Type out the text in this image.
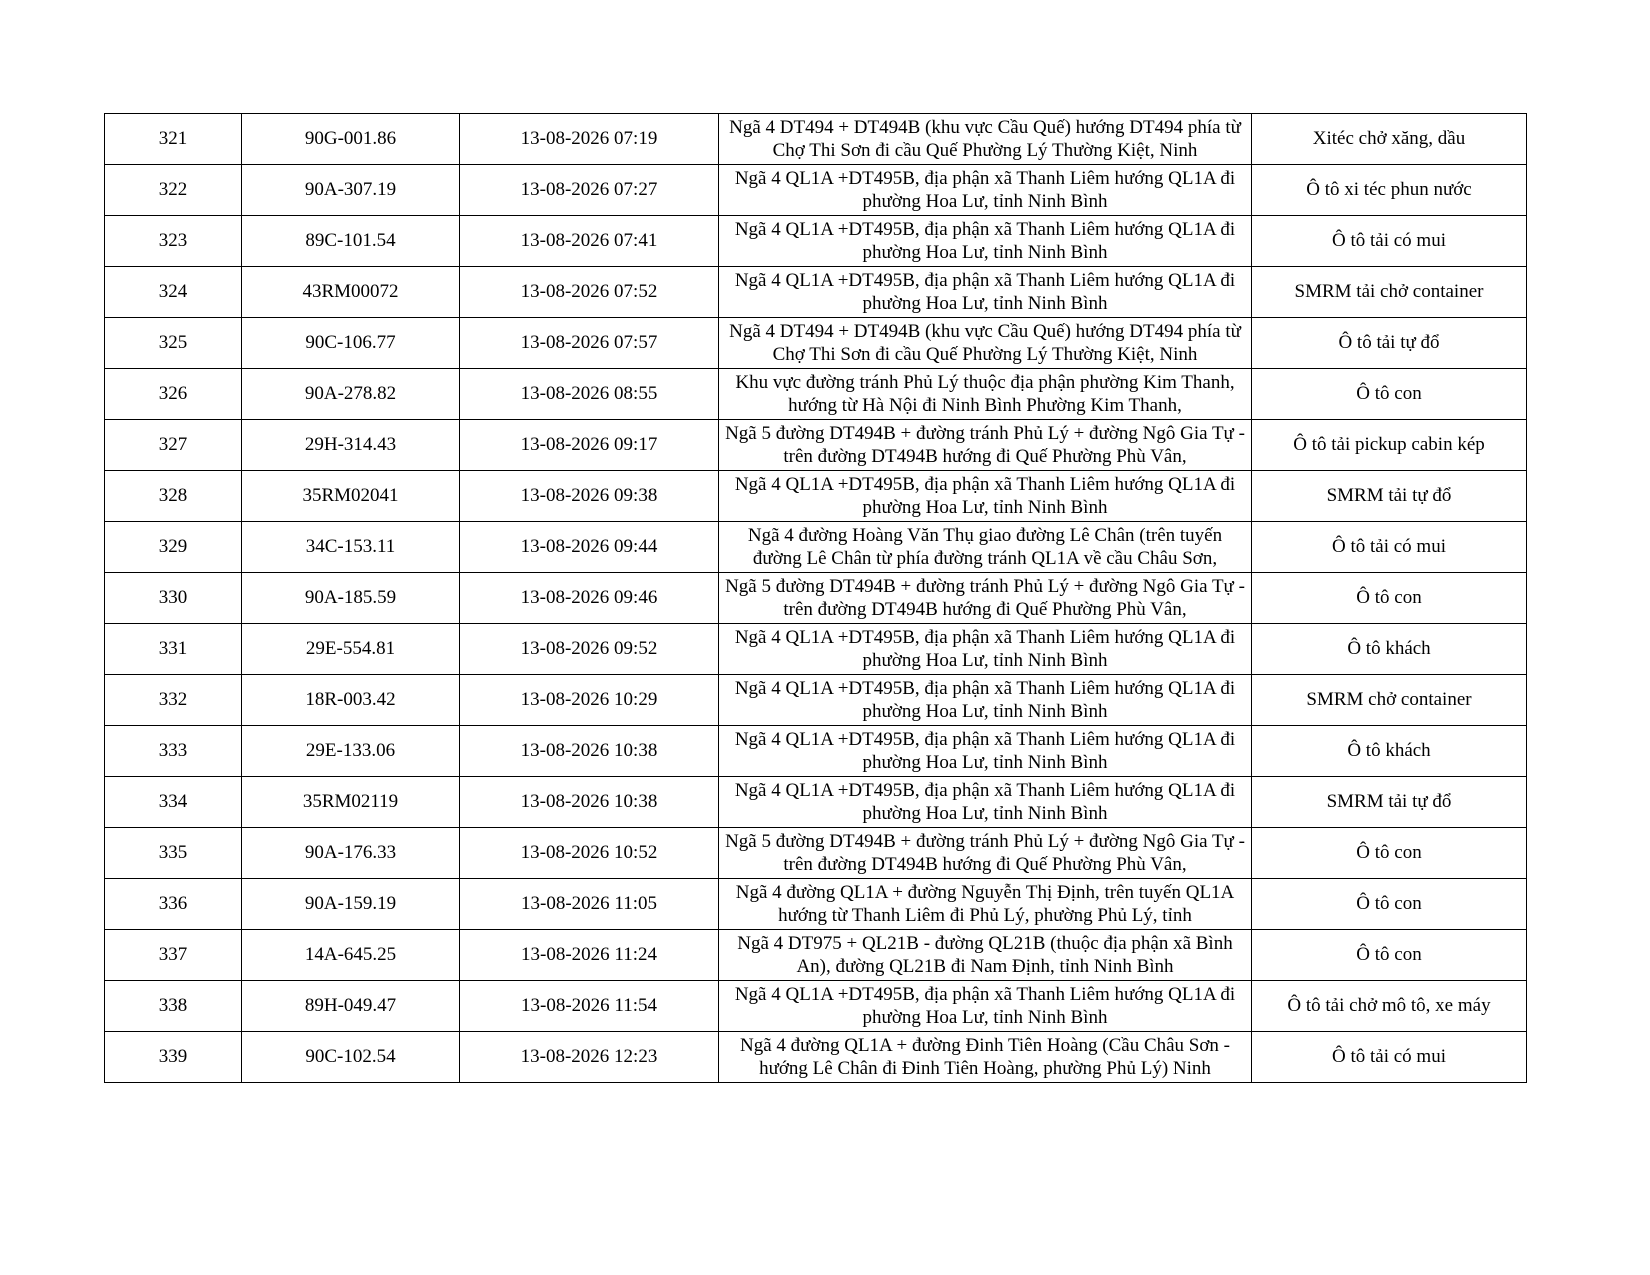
321	90G-001.86	13-08-2026 07:19	Ngã 4 DT494 + DT494B (khu vực Cầu Quế) hướng DT494 phía từ Chợ Thi Sơn đi cầu Quế Phường Lý Thường Kiệt, Ninh	Xitéc chở xăng, dầu
322	90A-307.19	13-08-2026 07:27	Ngã 4 QL1A +DT495B, địa phận xã Thanh Liêm hướng QL1A đi phường Hoa Lư, tỉnh Ninh Bình	Ô tô xi téc phun nước
323	89C-101.54	13-08-2026 07:41	Ngã 4 QL1A +DT495B, địa phận xã Thanh Liêm hướng QL1A đi phường Hoa Lư, tỉnh Ninh Bình	Ô tô tải có mui
324	43RM00072	13-08-2026 07:52	Ngã 4 QL1A +DT495B, địa phận xã Thanh Liêm hướng QL1A đi phường Hoa Lư, tỉnh Ninh Bình	SMRM tải chở container
325	90C-106.77	13-08-2026 07:57	Ngã 4 DT494 + DT494B (khu vực Cầu Quế) hướng DT494 phía từ Chợ Thi Sơn đi cầu Quế Phường Lý Thường Kiệt, Ninh	Ô tô tải tự đổ
326	90A-278.82	13-08-2026 08:55	Khu vực đường tránh Phủ Lý thuộc địa phận phường Kim Thanh, hướng từ Hà Nội đi Ninh Bình Phường Kim Thanh,	Ô tô con
327	29H-314.43	13-08-2026 09:17	Ngã 5 đường DT494B + đường tránh Phủ Lý + đường Ngô Gia Tự - trên đường DT494B hướng đi Quế Phường Phù Vân,	Ô tô tải pickup cabin kép
328	35RM02041	13-08-2026 09:38	Ngã 4 QL1A +DT495B, địa phận xã Thanh Liêm hướng QL1A đi phường Hoa Lư, tỉnh Ninh Bình	SMRM tải tự đổ
329	34C-153.11	13-08-2026 09:44	Ngã 4 đường Hoàng Văn Thụ giao đường Lê Chân (trên tuyến đường Lê Chân từ phía đường tránh QL1A về cầu Châu Sơn,	Ô tô tải có mui
330	90A-185.59	13-08-2026 09:46	Ngã 5 đường DT494B + đường tránh Phủ Lý + đường Ngô Gia Tự - trên đường DT494B hướng đi Quế Phường Phù Vân,	Ô tô con
331	29E-554.81	13-08-2026 09:52	Ngã 4 QL1A +DT495B, địa phận xã Thanh Liêm hướng QL1A đi phường Hoa Lư, tỉnh Ninh Bình	Ô tô khách
332	18R-003.42	13-08-2026 10:29	Ngã 4 QL1A +DT495B, địa phận xã Thanh Liêm hướng QL1A đi phường Hoa Lư, tỉnh Ninh Bình	SMRM chở container
333	29E-133.06	13-08-2026 10:38	Ngã 4 QL1A +DT495B, địa phận xã Thanh Liêm hướng QL1A đi phường Hoa Lư, tỉnh Ninh Bình	Ô tô khách
334	35RM02119	13-08-2026 10:38	Ngã 4 QL1A +DT495B, địa phận xã Thanh Liêm hướng QL1A đi phường Hoa Lư, tỉnh Ninh Bình	SMRM tải tự đổ
335	90A-176.33	13-08-2026 10:52	Ngã 5 đường DT494B + đường tránh Phủ Lý + đường Ngô Gia Tự - trên đường DT494B hướng đi Quế Phường Phù Vân,	Ô tô con
336	90A-159.19	13-08-2026 11:05	Ngã 4 đường QL1A + đường Nguyễn Thị Định, trên tuyến QL1A hướng từ Thanh Liêm đi Phủ Lý, phường Phủ Lý, tỉnh	Ô tô con
337	14A-645.25	13-08-2026 11:24	Ngã 4 DT975 + QL21B - đường QL21B (thuộc địa phận xã Bình An), đường QL21B đi Nam Định, tỉnh Ninh Bình	Ô tô con
338	89H-049.47	13-08-2026 11:54	Ngã 4 QL1A +DT495B, địa phận xã Thanh Liêm hướng QL1A đi phường Hoa Lư, tỉnh Ninh Bình	Ô tô tải chở mô tô, xe máy
339	90C-102.54	13-08-2026 12:23	Ngã 4 đường QL1A + đường Đinh Tiên Hoàng (Cầu Châu Sơn - hướng Lê Chân đi Đinh Tiên Hoàng, phường Phủ Lý) Ninh	Ô tô tải có mui
